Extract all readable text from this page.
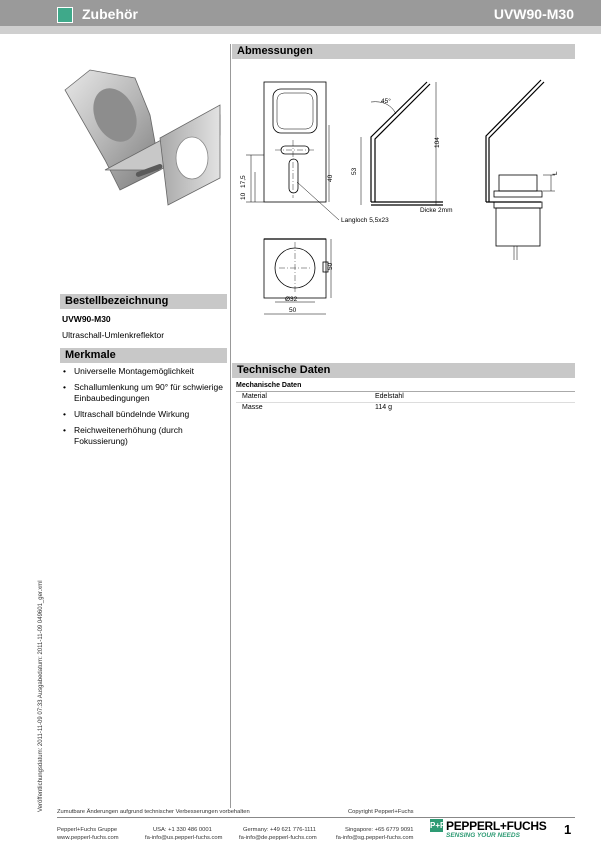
Zubehör	UVW90-M30
Abmessungen
45°
104
53
40
10
17,5
Langloch 5,5x23
Dicke 2mm
50
Ø32
50
L
Bestellbezeichnung
UVW90-M30
Ultraschall-Umlenkreflektor
Merkmale
• Universelle Montagemöglichkeit
• Schallumlenkung um 90° für schwierige Einbaubedingungen
• Ultraschall bündelnde Wirkung
• Reichweitenerhöhung (durch Fokussierung)
Technische Daten
Mechanische Daten
Material	Edelstahl
Masse	114 g
Veröffentlichungsdatum: 2011-11-09 07:33 Ausgabedatum: 2011-11-09 049601_ger.xml Zumutbare Änderungen aufgrund technischer Verbesserungen vorbehalten	Copyright Pepperl+Fuchs
Pepperl+Fuchs Gruppe
www.pepperl-fuchs.com
USA: +1 330 486 0001
fa-info@us.pepperl-fuchs.com
Germany: +49 621 776-1111
fa-info@de.pepperl-fuchs.com
Singapore: +65 6779 9091
fa-info@sg.pepperl-fuchs.com
P+F PEPPERL+FUCHS
SENSING YOUR NEEDS	1
